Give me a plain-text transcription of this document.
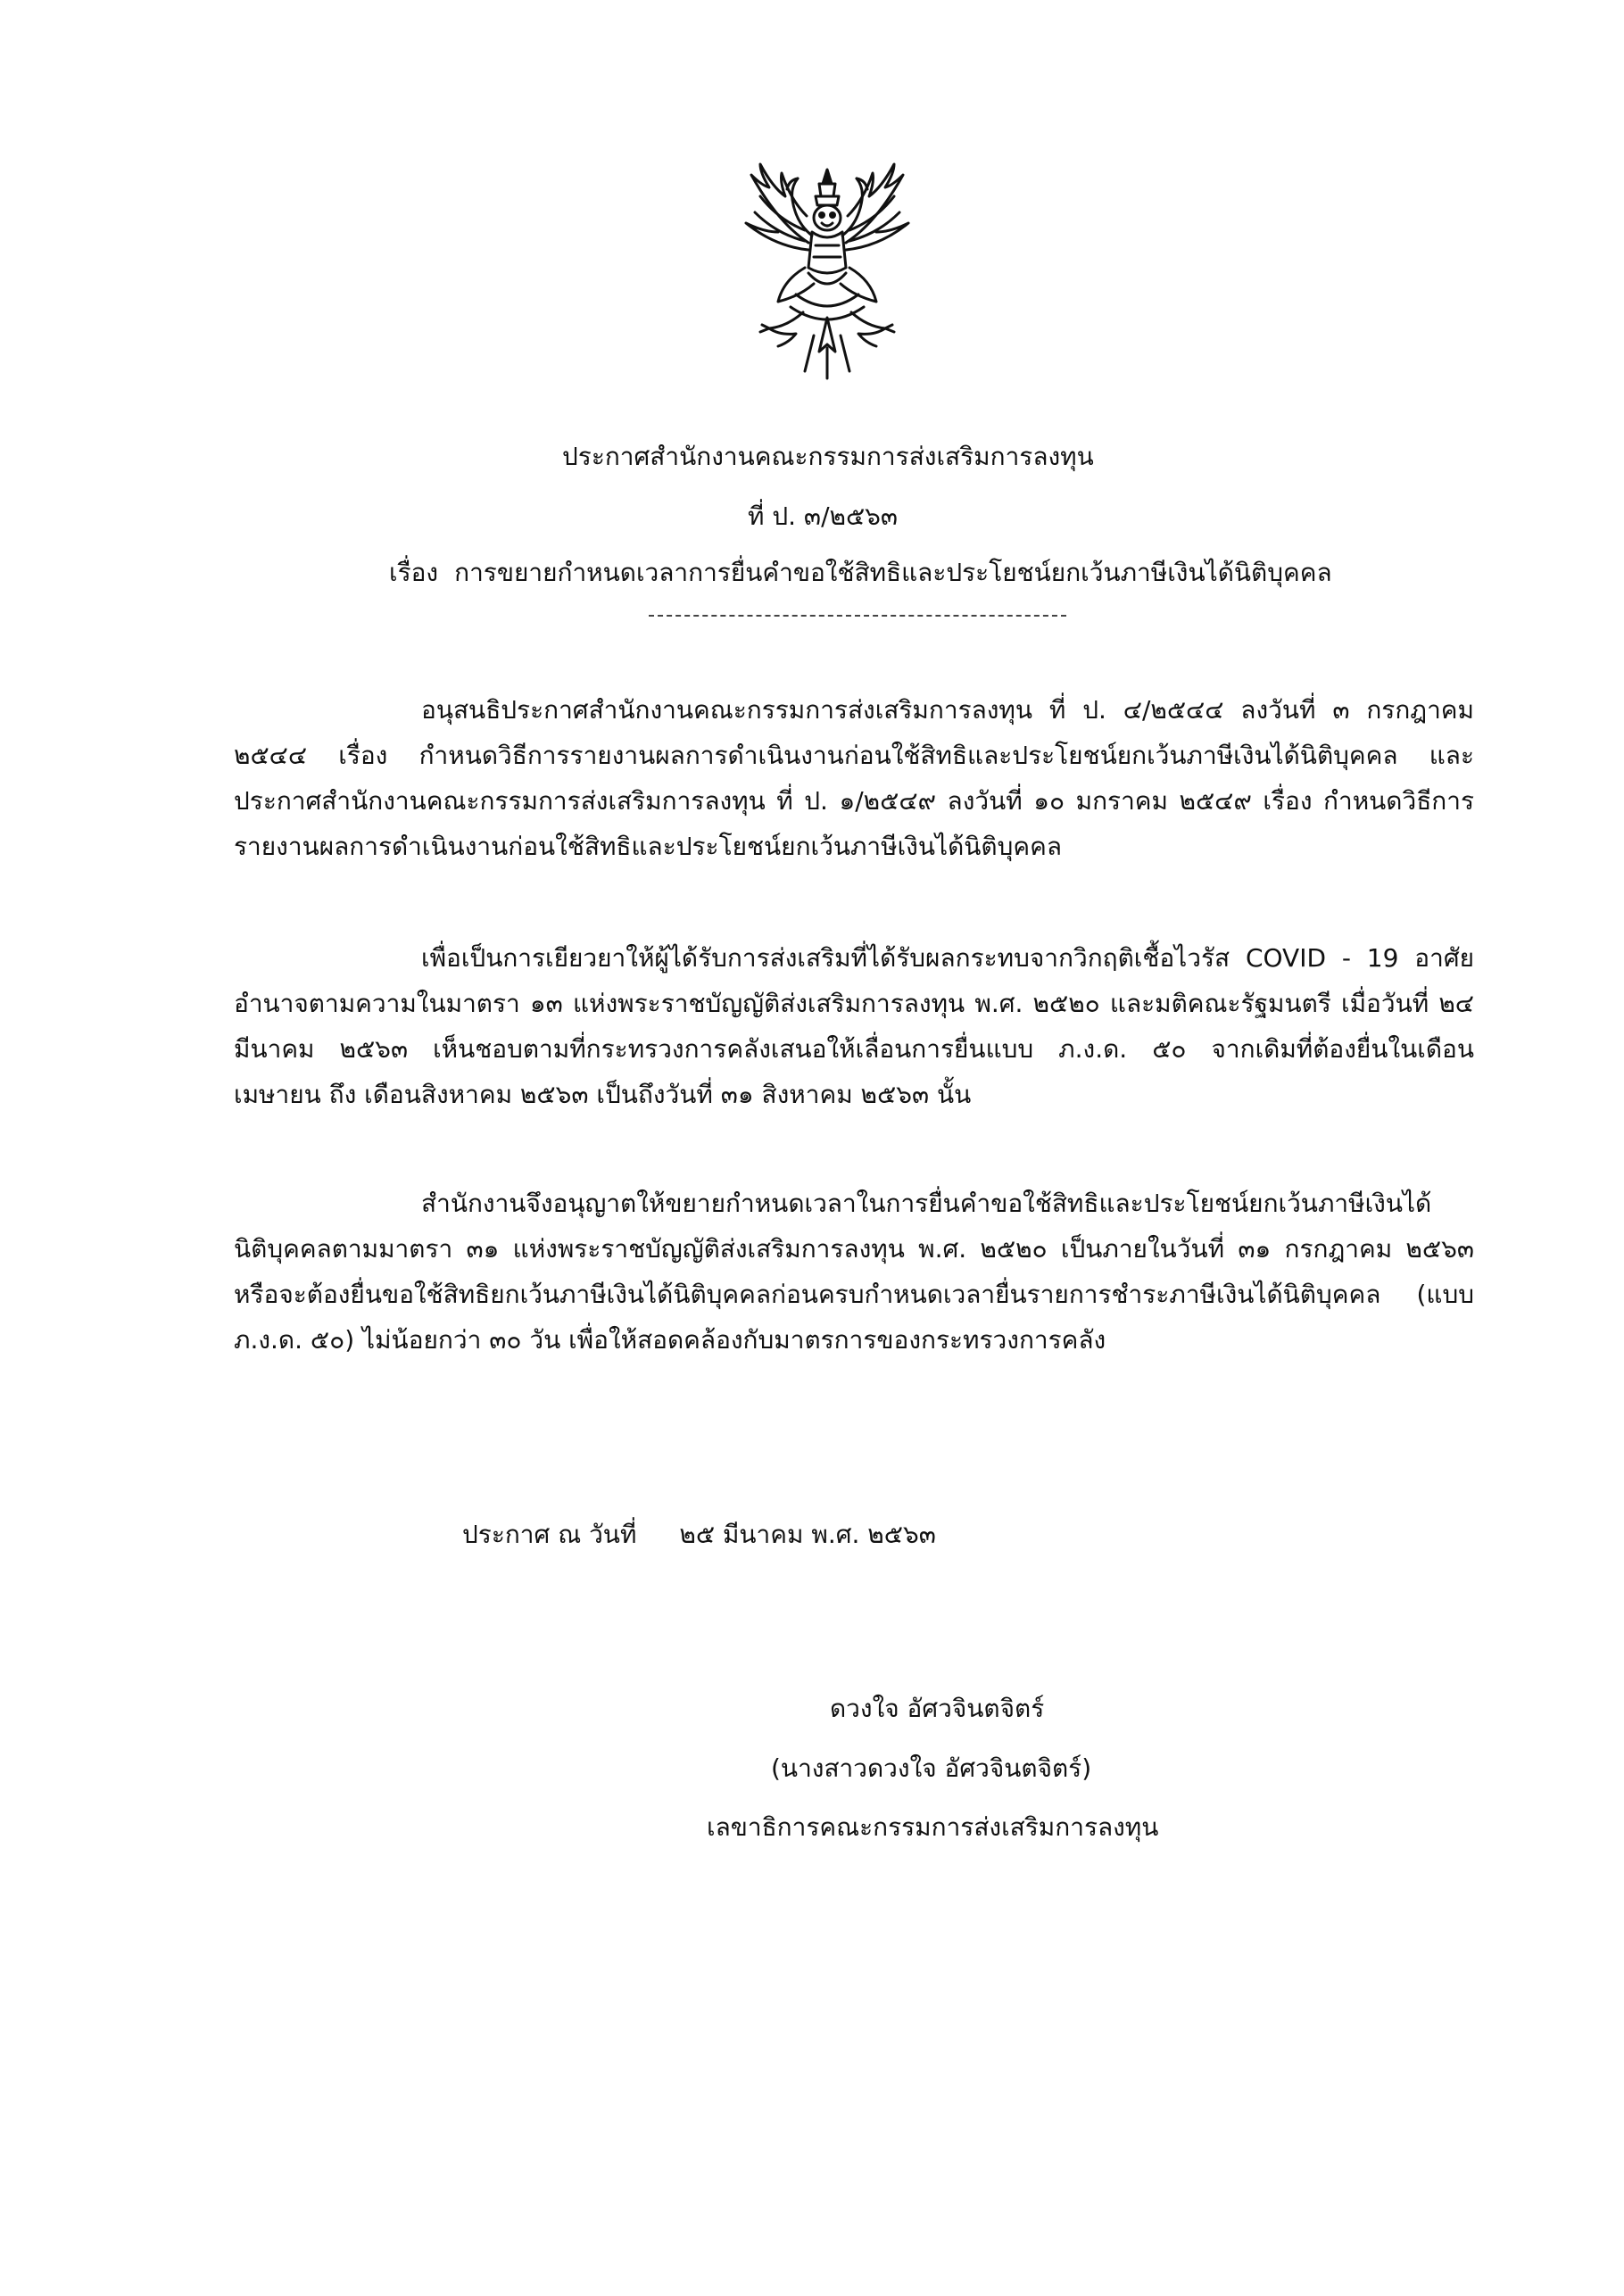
ประกาศสำนักงานคณะกรรมการส่งเสริมการลงทุน
ที่ ป. ๓/๒๕๖๓
เรื่อง การขยายกำหนดเวลาการยื่นคำขอใช้สิทธิและประโยชน์ยกเว้นภาษีเงินได้นิติบุคคล

อนุสนธิประกาศสำนักงานคณะกรรมการส่งเสริมการลงทุน ที่ ป. ๔/๒๕๔๔ ลงวันที่ ๓ กรกฎาคม ๒๕๔๔ เรื่อง กำหนดวิธีการรายงานผลการดำเนินงานก่อนใช้สิทธิและประโยชน์ยกเว้นภาษีเงินได้นิติบุคคล และประกาศสำนักงานคณะกรรมการส่งเสริมการลงทุน ที่ ป. ๑/๒๕๔๙ ลงวันที่ ๑๐ มกราคม ๒๕๔๙ เรื่อง กำหนดวิธีการรายงานผลการดำเนินงานก่อนใช้สิทธิและประโยชน์ยกเว้นภาษีเงินได้นิติบุคคล

เพื่อเป็นการเยียวยาให้ผู้ได้รับการส่งเสริมที่ได้รับผลกระทบจากวิกฤติเชื้อไวรัส COVID - 19 อาศัยอำนาจตามความในมาตรา ๑๓ แห่งพระราชบัญญัติส่งเสริมการลงทุน พ.ศ. ๒๕๒๐ และมติคณะรัฐมนตรี เมื่อวันที่ ๒๔ มีนาคม ๒๕๖๓ เห็นชอบตามที่กระทรวงการคลังเสนอให้เลื่อนการยื่นแบบ ภ.ง.ด. ๕๐ จากเดิมที่ต้องยื่นในเดือนเมษายน ถึง เดือนสิงหาคม ๒๕๖๓ เป็นถึงวันที่ ๓๑ สิงหาคม ๒๕๖๓ นั้น

สำนักงานจึงอนุญาตให้ขยายกำหนดเวลาในการยื่นคำขอใช้สิทธิและประโยชน์ยกเว้นภาษีเงินได้นิติบุคคลตามมาตรา ๓๑ แห่งพระราชบัญญัติส่งเสริมการลงทุน พ.ศ. ๒๕๒๐ เป็นภายในวันที่ ๓๑ กรกฎาคม ๒๕๖๓ หรือจะต้องยื่นขอใช้สิทธิยกเว้นภาษีเงินได้นิติบุคคลก่อนครบกำหนดเวลายื่นรายการชำระภาษีเงินได้นิติบุคคล (แบบ ภ.ง.ด. ๕๐) ไม่น้อยกว่า ๓๐ วัน เพื่อให้สอดคล้องกับมาตรการของกระทรวงการคลัง

ประกาศ ณ วันที่ ๒๕ มีนาคม พ.ศ. ๒๕๖๓
ดวงใจ อัศวจินตจิตร์
(นางสาวดวงใจ อัศวจินตจิตร์)
เลขาธิการคณะกรรมการส่งเสริมการลงทุน
